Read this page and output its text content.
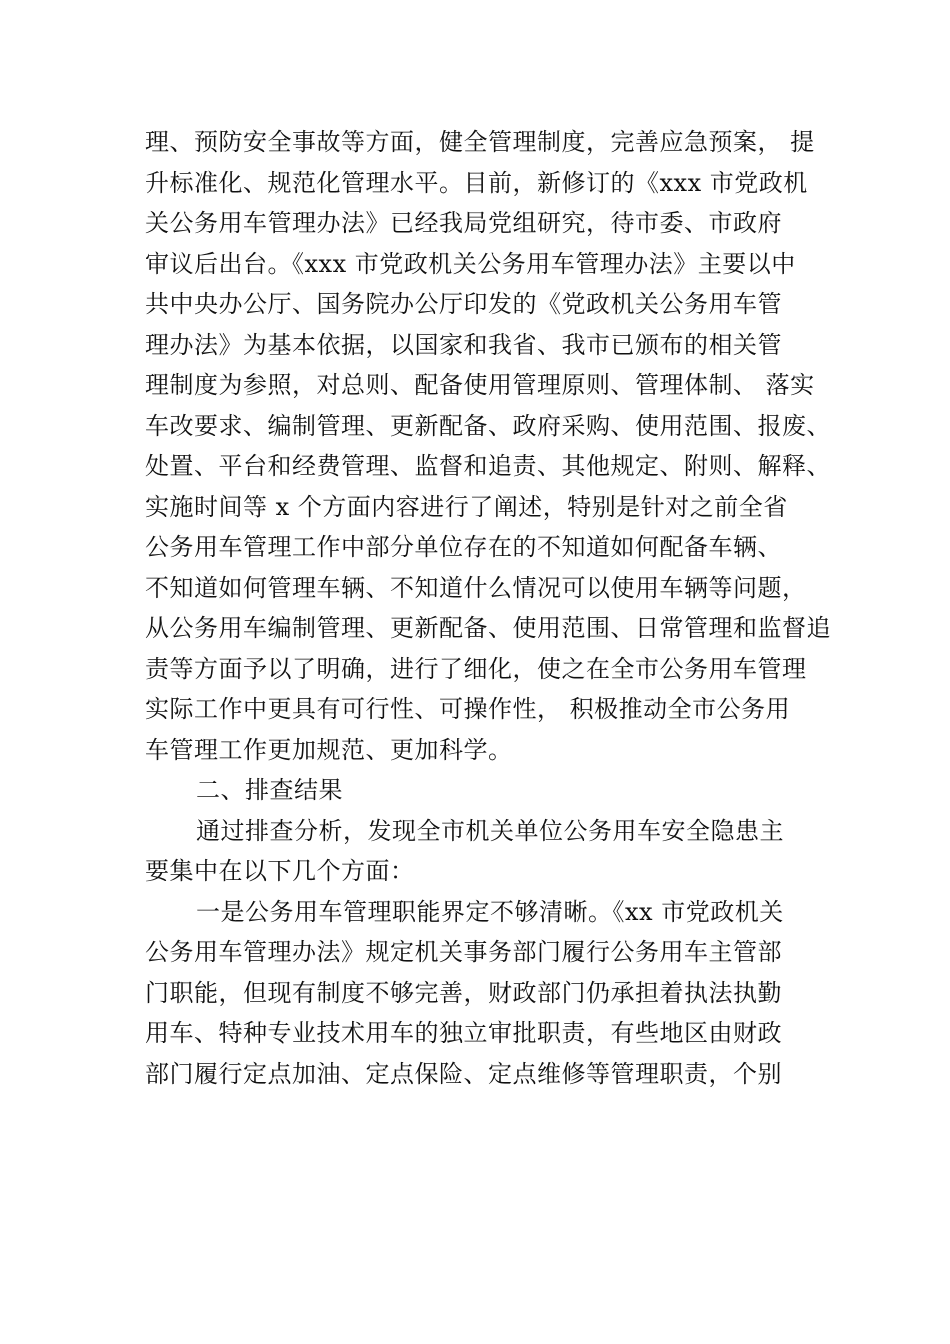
理、预防安全事故等方面，健全管理制度，完善应急预案， 提
升标准化、规范化管理水平。目前，新修订的《xxx 市党政机
关公务用车管理办法》已经我局党组研究，待市委、市政府
审议后出台。《xxx 市党政机关公务用车管理办法》主要以中
共中央办公厅、国务院办公厅印发的《党政机关公务用车管
理办法》为基本依据，以国家和我省、我市已颁布的相关管
理制度为参照，对总则、配备使用管理原则、管理体制、 落实
车改要求、编制管理、更新配备、政府采购、使用范围、报废、
处置、平台和经费管理、监督和追责、其他规定、附则、解释、
实施时间等 x 个方面内容进行了阐述，特别是针对之前全省
公务用车管理工作中部分单位存在的不知道如何配备车辆、
不知道如何管理车辆、不知道什么情况可以使用车辆等问题，
从公务用车编制管理、更新配备、使用范围、日常管理和监督追
责等方面予以了明确，进行了细化，使之在全市公务用车管理
实际工作中更具有可行性、可操作性， 积极推动全市公务用
车管理工作更加规范、更加科学。
二、排查结果
通过排查分析，发现全市机关单位公务用车安全隐患主
要集中在以下几个方面：
一是公务用车管理职能界定不够清晰。《xx 市党政机关
公务用车管理办法》规定机关事务部门履行公务用车主管部
门职能，但现有制度不够完善，财政部门仍承担着执法执勤
用车、特种专业技术用车的独立审批职责，有些地区由财政
部门履行定点加油、定点保险、定点维修等管理职责，个别
